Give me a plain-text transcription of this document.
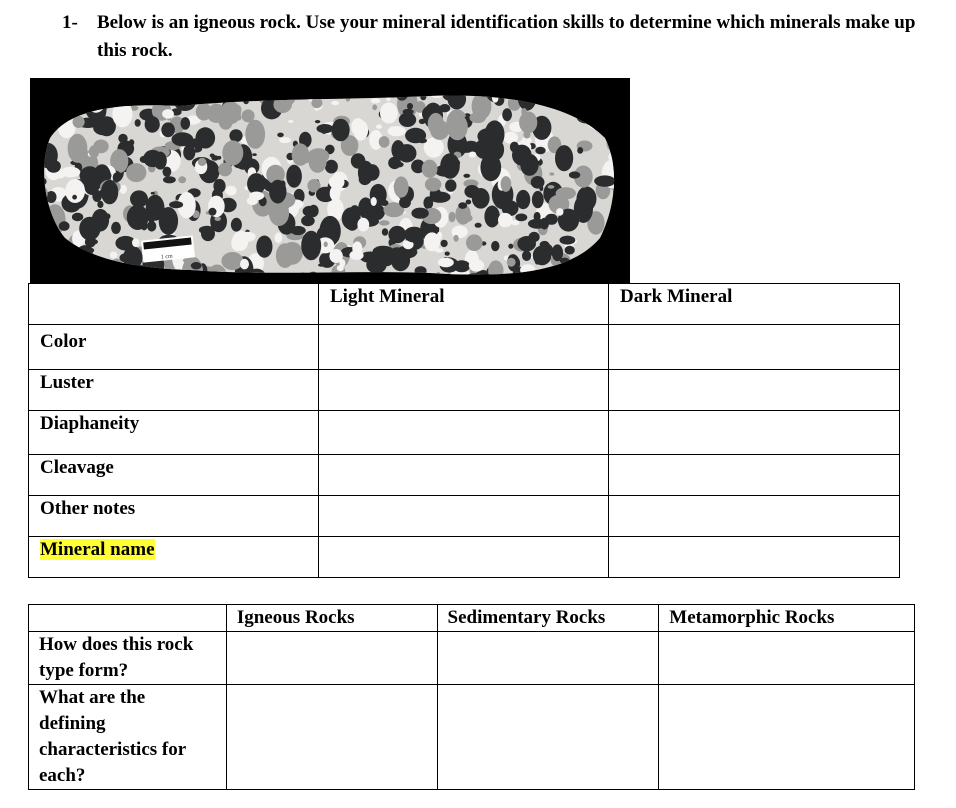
1- Below is an igneous rock. Use your mineral identification skills to determine which minerals make up this rock.
1 cm
	Light Mineral	Dark Mineral
Color		
Luster		
Diaphaneity		
Cleavage		
Other notes		
Mineral name		
	Igneous Rocks	Sedimentary Rocks	Metamorphic Rocks
How does this rock type form?			
What are the defining characteristics for each?			
